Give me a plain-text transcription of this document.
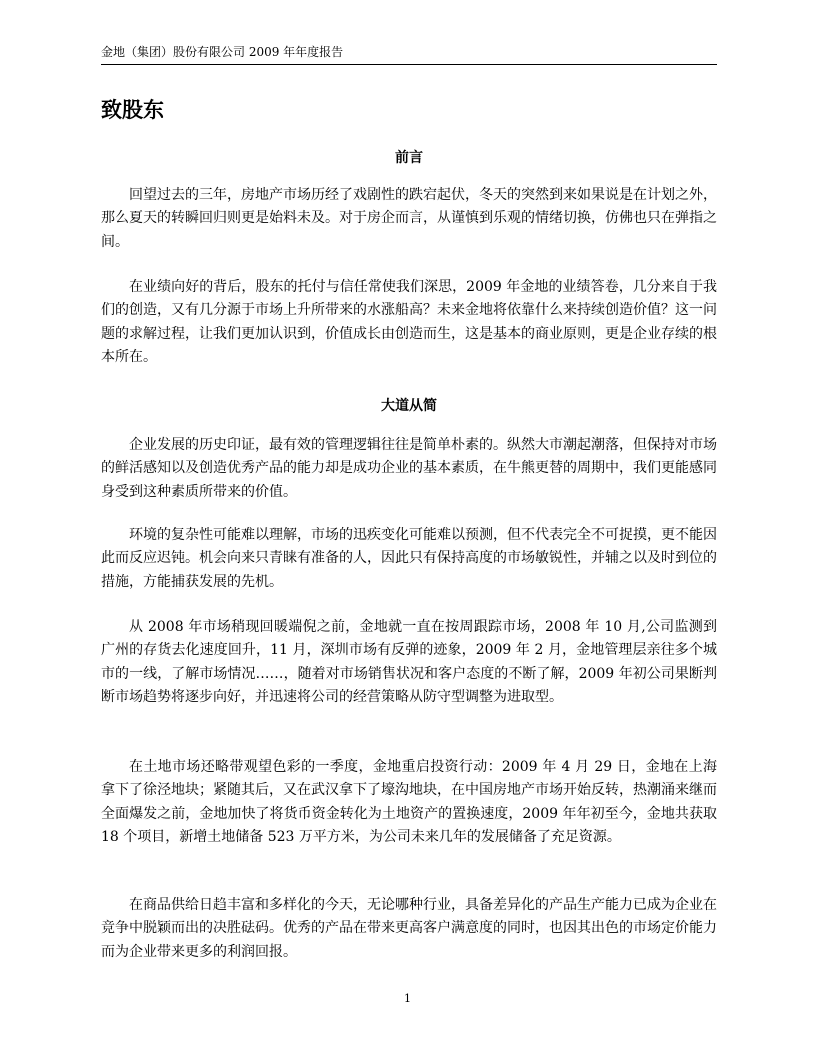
金地（集团）股份有限公司 2009 年年度报告
致股东
前言

回望过去的三年，房地产市场历经了戏剧性的跌宕起伏，冬天的突然到来如果说是在计划之外，那么夏天的转瞬回归则更是始料未及。对于房企而言，从谨慎到乐观的情绪切换，仿佛也只在弹指之间。

在业绩向好的背后，股东的托付与信任常使我们深思，2009 年金地的业绩答卷，几分来自于我们的创造，又有几分源于市场上升所带来的水涨船高？未来金地将依靠什么来持续创造价值？这一问题的求解过程，让我们更加认识到，价值成长由创造而生，这是基本的商业原则，更是企业存续的根本所在。

大道从简

企业发展的历史印证，最有效的管理逻辑往往是简单朴素的。纵然大市潮起潮落，但保持对市场的鲜活感知以及创造优秀产品的能力却是成功企业的基本素质，在牛熊更替的周期中，我们更能感同身受到这种素质所带来的价值。

环境的复杂性可能难以理解，市场的迅疾变化可能难以预测，但不代表完全不可捉摸，更不能因此而反应迟钝。机会向来只青睐有准备的人，因此只有保持高度的市场敏锐性，并辅之以及时到位的措施，方能捕获发展的先机。

从 2008 年市场稍现回暖端倪之前，金地就一直在按周跟踪市场，2008 年 10 月,公司监测到广州的存货去化速度回升，11 月，深圳市场有反弹的迹象，2009 年 2 月，金地管理层亲往多个城市的一线，了解市场情况……，随着对市场销售状况和客户态度的不断了解，2009 年初公司果断判断市场趋势将逐步向好，并迅速将公司的经营策略从防守型调整为进取型。

在土地市场还略带观望色彩的一季度，金地重启投资行动：2009 年 4 月 29 日，金地在上海拿下了徐泾地块；紧随其后，又在武汉拿下了壕沟地块，在中国房地产市场开始反转，热潮涌来继而全面爆发之前，金地加快了将货币资金转化为土地资产的置换速度，2009 年年初至今，金地共获取 18 个项目，新增土地储备 523 万平方米，为公司未来几年的发展储备了充足资源。

在商品供给日趋丰富和多样化的今天，无论哪种行业，具备差异化的产品生产能力已成为企业在竞争中脱颖而出的决胜砝码。优秀的产品在带来更高客户满意度的同时，也因其出色的市场定价能力而为企业带来更多的利润回报。

1
